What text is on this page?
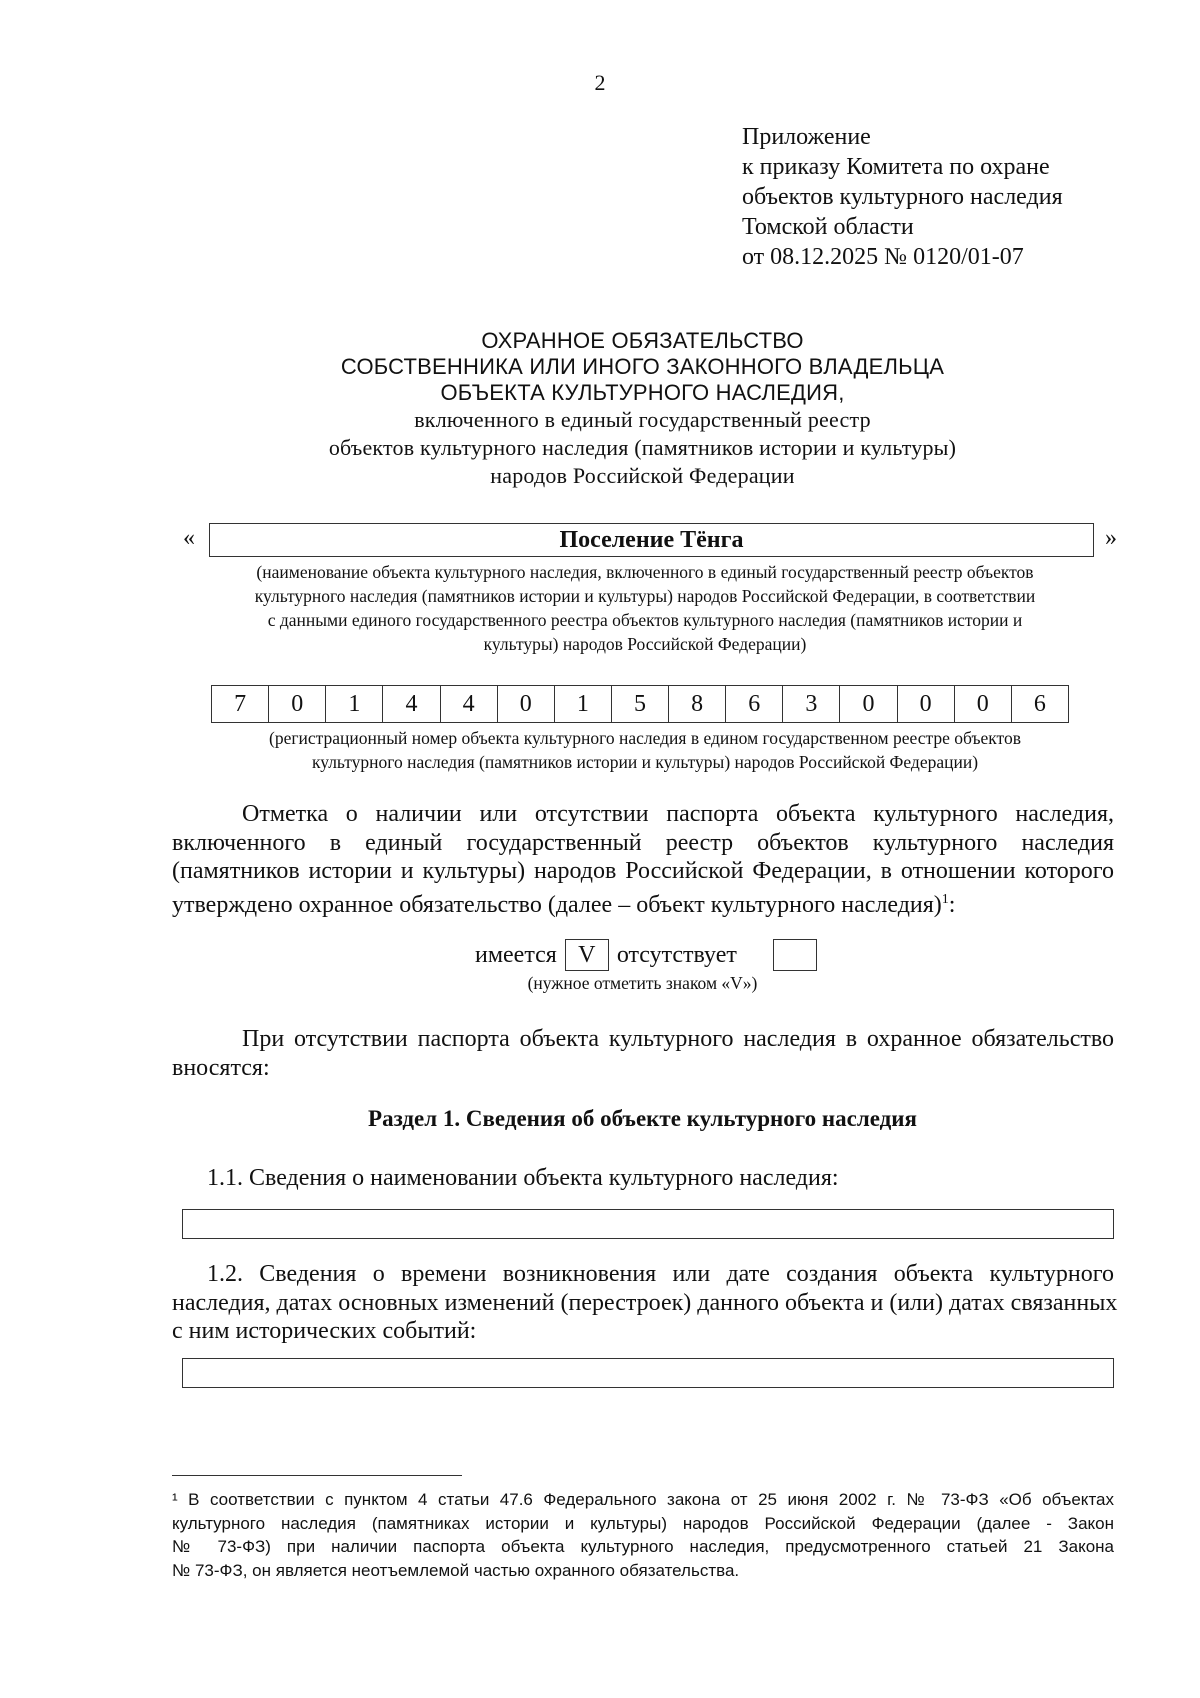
2
Приложение
к приказу Комитета по охране
объектов культурного наследия
Томской области
от 08.12.2025 № 0120/01-07
ОХРАННОЕ ОБЯЗАТЕЛЬСТВО
СОБСТВЕННИКА ИЛИ ИНОГО ЗАКОННОГО ВЛАДЕЛЬЦА
ОБЪЕКТА КУЛЬТУРНОГО НАСЛЕДИЯ,
включенного в единый государственный реестр
объектов культурного наследия (памятников истории и культуры)
народов Российской Федерации
«	Поселение Тёнга	»
(наименование объекта культурного наследия, включенного в единый государственный реестр объектов
культурного наследия (памятников истории и культуры) народов Российской Федерации, в соответствии
с данными единого государственного реестра объектов культурного наследия (памятников истории и
культуры) народов Российской Федерации)
7	0	1	4	4	0	1	5	8	6	3	0	0	0	6
(регистрационный номер объекта культурного наследия в едином государственном реестре объектов
культурного наследия (памятников истории и культуры) народов Российской Федерации)
Отметка о наличии или отсутствии паспорта объекта культурного наследия,
включенного в единый государственный реестр объектов культурного наследия
(памятников истории и культуры) народов Российской Федерации, в отношении которого
утверждено охранное обязательство (далее – объект культурного наследия)$^1$:
имеется V отсутствует
(нужное отметить знаком «V»)
При отсутствии паспорта объекта культурного наследия в охранное обязательство
вносятся:
Раздел 1. Сведения об объекте культурного наследия
1.1. Сведения о наименовании объекта культурного наследия:
1.2. Сведения о времени возникновения или дате создания объекта культурного
наследия, датах основных изменений (перестроек) данного объекта и (или) датах связанных
с ним исторических событий:
¹ В соответствии с пунктом 4 статьи 47.6 Федерального закона от 25 июня 2002 г. № 73-ФЗ «Об объектах
культурного наследия (памятниках истории и культуры) народов Российской Федерации (далее - Закон
№ 73-ФЗ) при наличии паспорта объекта культурного наследия, предусмотренного статьей 21 Закона
№ 73-ФЗ, он является неотъемлемой частью охранного обязательства.
